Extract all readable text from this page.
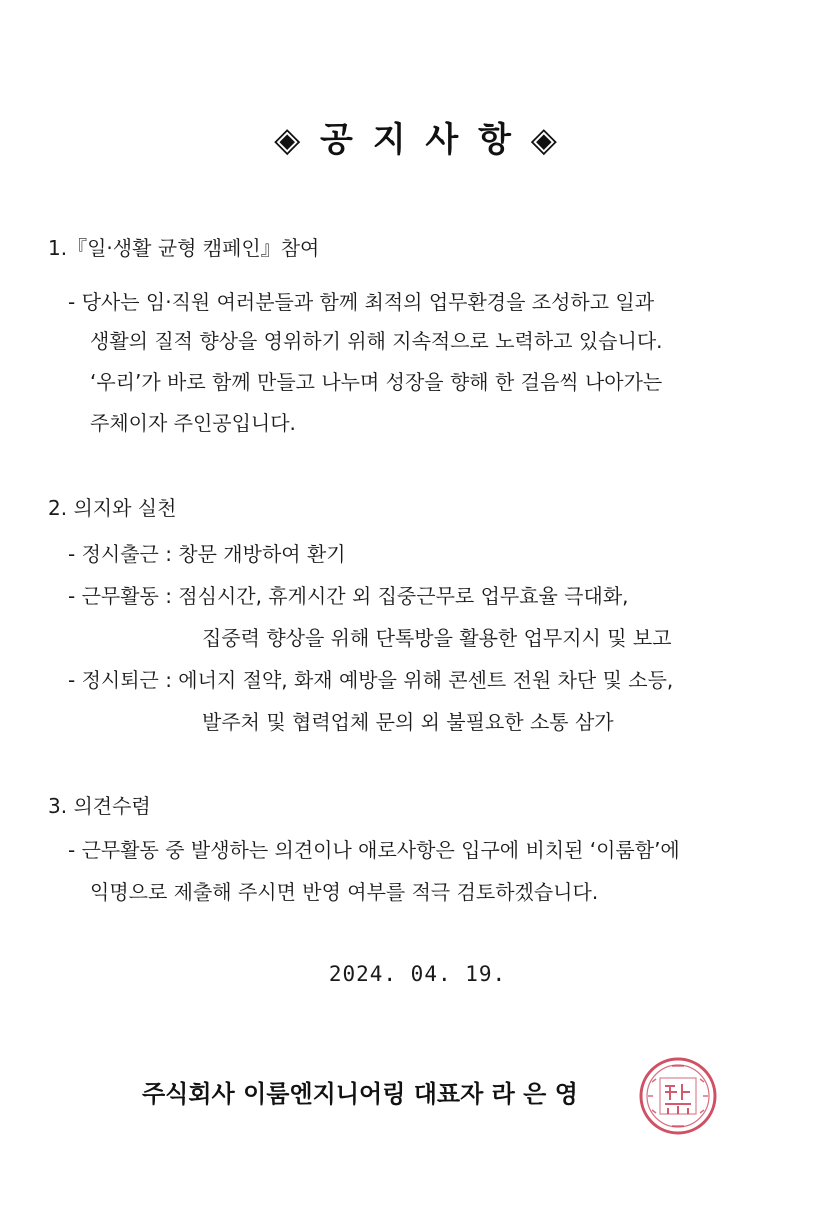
◈ 공 지 사 항 ◈
1.『일·생활 균형 캠페인』참여
- 당사는 임·직원 여러분들과 함께 최적의 업무환경을 조성하고 일과
생활의 질적 향상을 영위하기 위해 지속적으로 노력하고 있습니다.
‘우리’가 바로 함께 만들고 나누며 성장을 향해 한 걸음씩 나아가는
주체이자 주인공입니다.
2. 의지와 실천
- 정시출근 : 창문 개방하여 환기
- 근무활동 : 점심시간, 휴게시간 외 집중근무로 업무효율 극대화,
집중력 향상을 위해 단톡방을 활용한 업무지시 및 보고
- 정시퇴근 : 에너지 절약, 화재 예방을 위해 콘센트 전원 차단 및 소등,
발주처 및 협력업체 문의 외 불필요한 소통 삼가
3. 의견수렴
- 근무활동 중 발생하는 의견이나 애로사항은 입구에 비치된 ‘이룸함’에
익명으로 제출해 주시면 반영 여부를 적극 검토하겠습니다.
2024. 04. 19.
주식회사 이룸엔지니어링 대표자 라 은 영
